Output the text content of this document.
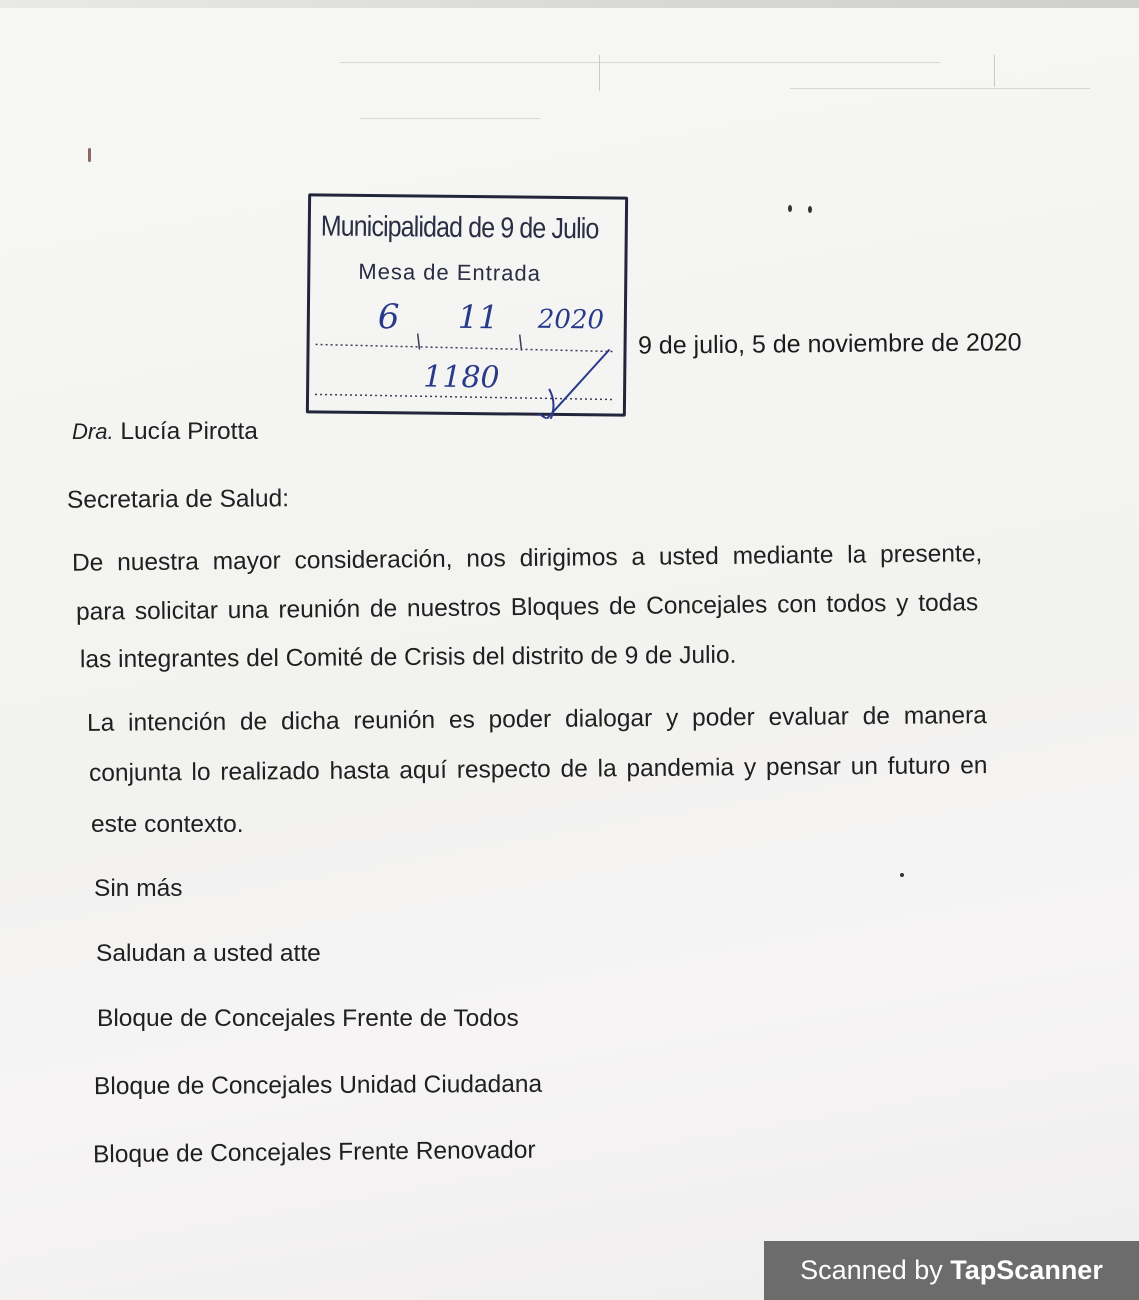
Municipalidad de 9 de Julio
Mesa de Entrada
6 11 2020
1180
9 de julio, 5 de noviembre de 2020
Dra. Lucía Pirotta
Secretaria de Salud:
De nuestra mayor consideración, nos dirigimos a usted mediante la presente,
para solicitar una reunión de nuestros Bloques de Concejales con todos y todas
las integrantes del Comité de Crisis del distrito de 9 de Julio.
La intención de dicha reunión es poder dialogar y poder evaluar de manera
conjunta lo realizado hasta aquí respecto de la pandemia y pensar un futuro en
este contexto.
Sin más
Saludan a usted atte
Bloque de Concejales Frente de Todos
Bloque de Concejales Unidad Ciudadana
Bloque de Concejales Frente Renovador
Scanned by TapScanner
